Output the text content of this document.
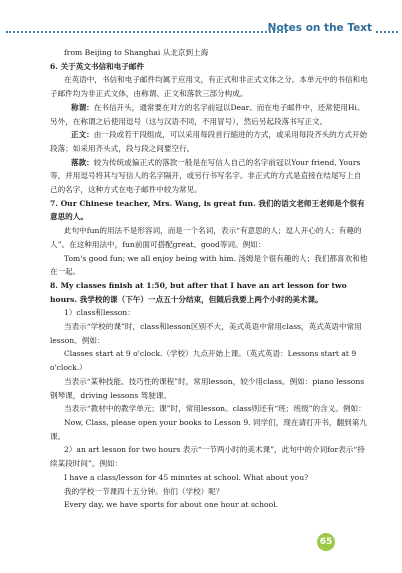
Notes on the Text

from Beijing to Shanghai 从北京到上海

6. 关于英文书信和电子邮件

在英语中，书信和电子邮件均属于应用文，有正式和非正式文体之分。本单元中的书信和电子邮件均为非正式文体，由称谓、正文和落款三部分构成。

称谓：在书信开头，通常要在对方的名字前冠以Dear。而在电子邮件中，还常使用Hi。另外，在称谓之后使用逗号（这与汉语不同，不用冒号），然后另起段落书写正文。

正文：由一段或若干段组成，可以采用每段首行缩进的方式，或采用每段齐头的方式开始段落；如采用齐头式，段与段之间要空行。

落款：较为传统或偏正式的落款一般是在写信人自己的名字前冠以Your friend, Yours等，并用逗号将其与写信人的名字隔开，或另行书写名字。非正式的方式是直接在结尾写上自己的名字，这种方式在电子邮件中较为常见。

7. Our Chinese teacher, Mrs. Wang, is great fun. 我们的语文老师王老师是个很有意思的人。

此句中fun的用法不是形容词，而是一个名词，表示“有意思的人；逗人开心的人；有趣的人”。在这种用法中，fun前面可搭配great、good等词。例如：

Tom's good fun; we all enjoy being with him. 汤姆是个很有趣的人；我们都喜欢和他在一起。

8. My classes finish at 1:50, but after that I have an art lesson for two hours. 我学校的课（下午）一点五十分结束，但随后我要上两个小时的美术课。

1）class和lesson：

当表示“学校的课”时，class和lesson区别不大，美式英语中常用class，英式英语中常用lesson。例如：

Classes start at 9 o'clock.（学校）九点开始上课。（英式英语：Lessons start at 9 o'clock.）

当表示“某种技能、技巧性的课程”时，常用lesson，较少用class。例如：piano lessons 钢琴课，driving lessons 驾驶课。

当表示“教材中的教学单元；课”时，常用lesson。class则还有“班；班级”的含义。例如：

Now, Class, please open your books to Lesson 9. 同学们，现在请打开书，翻到第九课。

2）an art lesson for two hours 表示“一节两小时的美术课”，此句中的介词for表示“持续某段时间”。例如：

I have a class/lesson for 45 minutes at school. What about you?

我的学校一节课四十五分钟。你们（学校）呢？

Every day, we have sports for about one hour at school.

65
